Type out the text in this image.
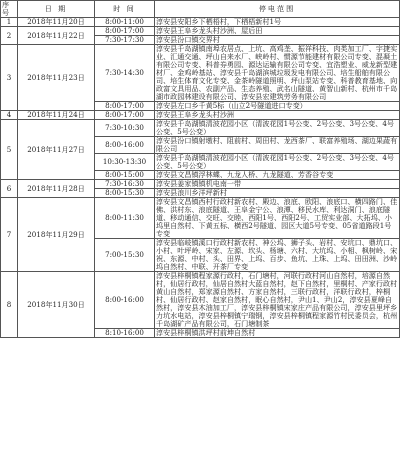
序号	日 期	时 间	停电范围
1	2018年11月20日	8:00-11:00	淳安县安阳乡下栖梧村，下栖梧新村1号
2	2018年11月22日	8:00-17:00	淳安县王阜乡龙头村沙洲、屋后田
		7:30-17:30	淳安县汾口镇交界村
3	2018年11月23日	7:30-14:30	淳安县千岛湖镇南埠农居点、上坑、高鸡垄、振祥科技、肉类加工厂、宇捷实业、汇通交通、坪山自来水厂、峡岭村、惯源节能建材有限公司专变、混凝土有限公司专变、科普券勇园、源达运输有限公司专变、宜浩塑业、威龙新型建材厂、金鸡岭基站、淳安县千岛湖滨城垃圾发电有限公司、培生船舶有限公司、培生体育文化专变、金茶岭隧道照明、坪山泵站专变、科普教育基地、向政富文具用品、农副产品、生态养殖、武名山隧道、黄智山新村、杭州市千岛湖市政园林建设有限公司、淳安县宏建筑劳务有限公司
		8:00-17:00	淳安县左口乡千黄5标（山立2号隧道进口专变）
4	2018年11月24日	8:00-17:00	淳安县王阜乡龙头村沙洲
5	2018年11月27日	7:30-10:30	淳安县千岛湖镇清波花园小区（清波花园1号公变、2号公变、3号公变、4号公变、5号公变）
		8:00-16:00	淳安县汾口镇射墩村、阻前村、周田村、龙西茶厂、联富养殖场、湖边果蔬有限公司
		10:30-13:30	淳安县千岛湖镇清波花园小区（清波花园1号公变、2号公变、3号公变、4号公变、5号公变）
		8:00-15:00	淳安县文昌镇浮林蝶、九龙人桥、九龙隧道、芳香谷专变
6	2018年11月28日	7:30-16:30	淳安县姜家镇镇机电南一带
		8:00-15:30	淳安县浪川乡洋坪新村
7	2018年11月29日	8:00-11:30	淳安县文昌镇西村行政村新农村、殿边、浪底、欧阳、浪底口、横四路门、佳佛、洪村东、浪底隧道、王阜金宁公、浪潭、移民水库、利达洞门、浪底隧道、移动通信、交旺、交睦、西阳1号、西阳2号、工贸实业部、大拓坞、小坞里自然村、下黄五标、横西2号隧道、园区大道5号专变、05省道路段1号专变
		7:00-15:30	淳安县临岐镇溪口行政村新农村、神公坞、狮子头、岩村、安坑口、鼎坑口、小村、叶坪岭、宋家、左源、坎头、杨塘、六村、大坑坞、小相、枫树岭、宋祝、东源、中村、头、田界、上坞、百步、鱼坑、上珠、上坞、田田洲、沙岭坞自然村、中联、开茶厂专变
8	2018年11月30日	8:00-16:00	淳安县梓桐镇程家源行政村，石门塘村，河联行政村河山自然村，培源自然村，仙居行政村，仙居自然村大蓝自然村，赵下自然村，里桐村、产家行政村黄山自然村，郑家源自然村、方家自然村，三联行政村，洋联行政村，梓桐村、仙居行政村、赵家自然村，眠心自然村，尹山1、尹山2，淳安县夏峰自然村，淳安县木油加工厂，淳安县梓桐镇宋家庄产品有限公司，淳安县里坪乡力坑水电站，淳安县梓桐镇宁瑞钢，淳安县梓桐镇程家源竹村民委员会，杭州千岛湖矿产品有限公司，石门塘制茶
		8:10-16:00	淳安县梓桐镇洪坪村前坤自然村
